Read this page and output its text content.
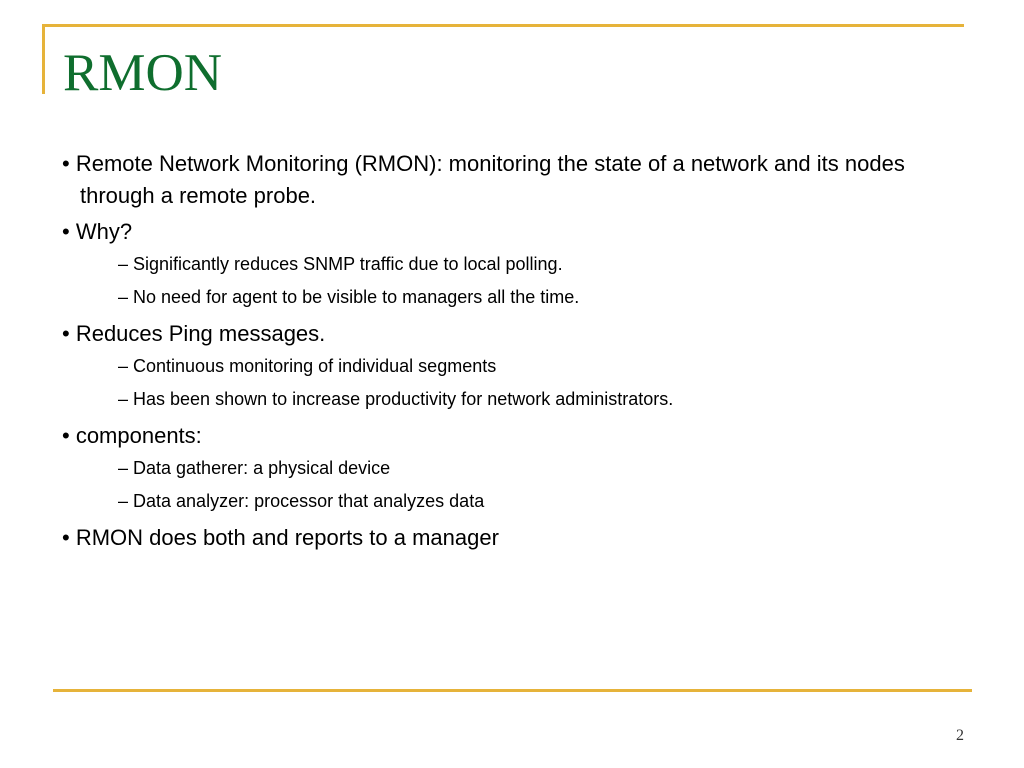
RMON

• Remote Network Monitoring (RMON): monitoring the state of a network and its nodes through a remote probe.

• Why?

– Significantly reduces SNMP traffic due to local polling.

– No need for agent to be visible to managers all the time.

• Reduces Ping messages.

– Continuous monitoring of individual segments

– Has been shown to increase productivity for network administrators.

• components:

– Data gatherer: a physical device

– Data analyzer: processor that analyzes data

• RMON does both and reports to a manager

2
